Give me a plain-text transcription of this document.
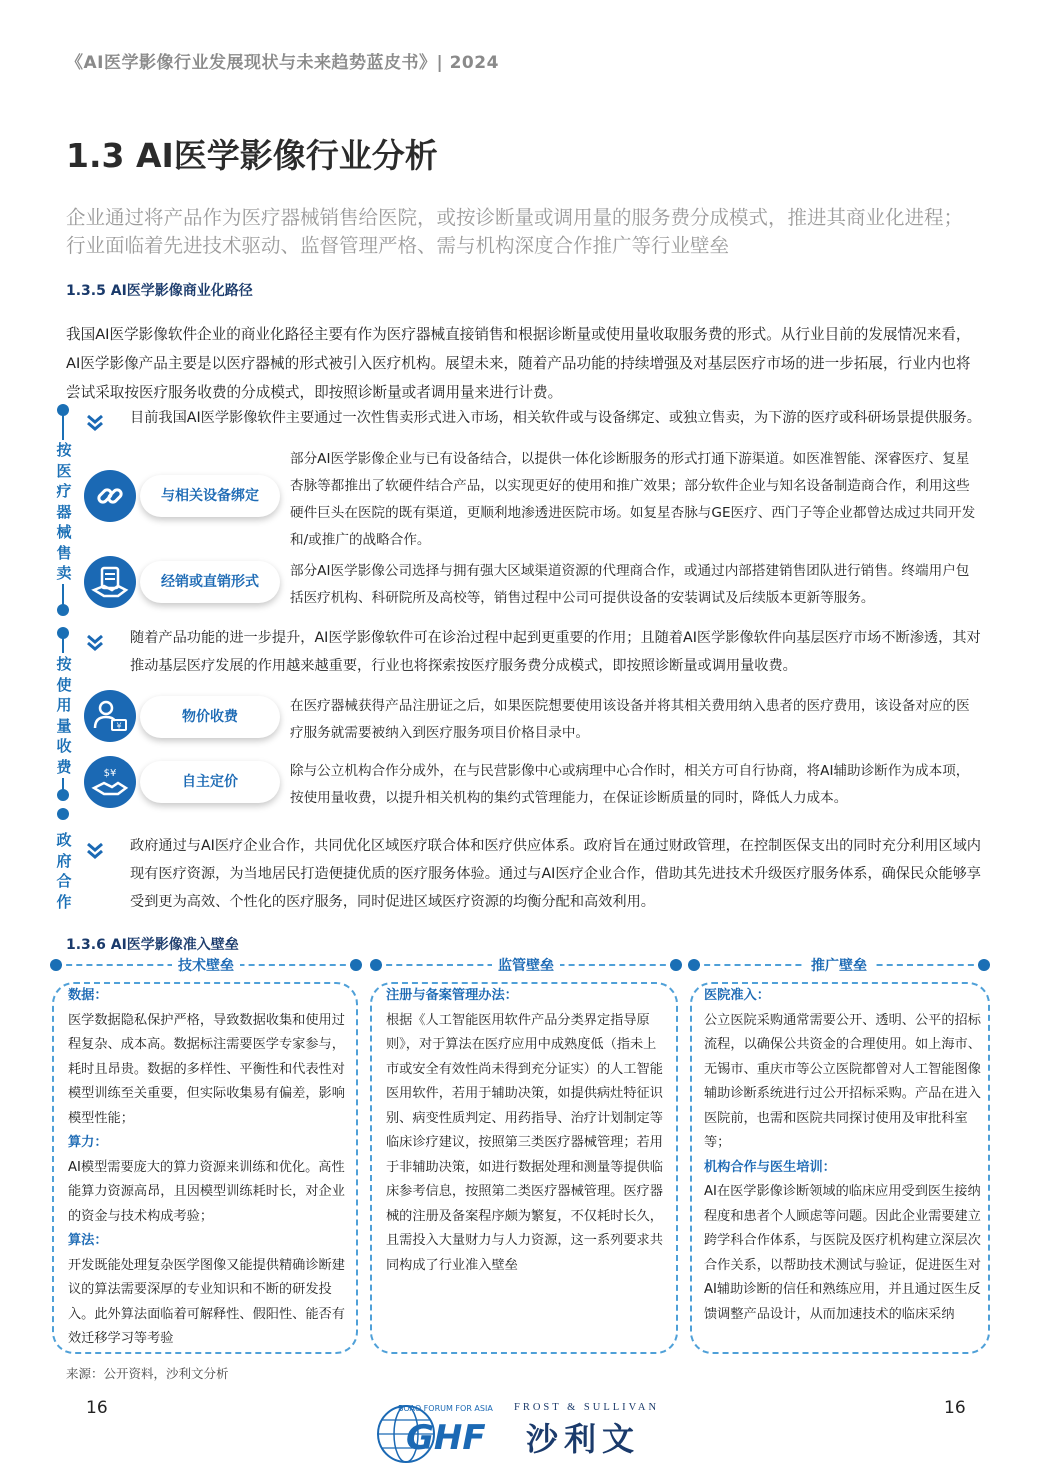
《AI医学影像行业发展现状与未来趋势蓝皮书》| 2024
1.3 AI医学影像行业分析
企业通过将产品作为医疗器械销售给医院，或按诊断量或调用量的服务费分成模式，推进其商业化进程；行业面临着先进技术驱动、监督管理严格、需与机构深度合作推广等行业壁垒
1.3.5 AI医学影像商业化路径
我国AI医学影像软件企业的商业化路径主要有作为医疗器械直接销售和根据诊断量或使用量收取服务费的形式。从行业目前的发展情况来看，AI医学影像产品主要是以医疗器械的形式被引入医疗机构。展望未来，随着产品功能的持续增强及对基层医疗市场的进一步拓展，行业内也将尝试采取按医疗服务收费的分成模式，即按照诊断量或者调用量来进行计费。
按医疗器械售卖
按使用量收费
政府合作
目前我国AI医学影像软件主要通过一次性售卖形式进入市场，相关软件或与设备绑定、或独立售卖，为下游的医疗或科研场景提供服务。
与相关设备绑定
部分AI医学影像企业与已有设备结合，以提供一体化诊断服务的形式打通下游渠道。如医准智能、深睿医疗、复星杏脉等都推出了软硬件结合产品，以实现更好的使用和推广效果；部分软件企业与知名设备制造商合作，利用这些硬件巨头在医院的既有渠道，更顺利地渗透进医院市场。如复星杏脉与GE医疗、西门子等企业都曾达成过共同开发和/或推广的战略合作。
经销或直销形式
部分AI医学影像公司选择与拥有强大区域渠道资源的代理商合作，或通过内部搭建销售团队进行销售。终端用户包括医疗机构、科研院所及高校等，销售过程中公司可提供设备的安装调试及后续版本更新等服务。
随着产品功能的进一步提升，AI医学影像软件可在诊治过程中起到更重要的作用；且随着AI医学影像软件向基层医疗市场不断渗透，其对推动基层医疗发展的作用越来越重要，行业也将探索按医疗服务费分成模式，即按照诊断量或调用量收费。
¥
物价收费
在医疗器械获得产品注册证之后，如果医院想要使用该设备并将其相关费用纳入患者的医疗费用，该设备对应的医疗服务就需要被纳入到医疗服务项目价格目录中。
$¥
自主定价
除与公立机构合作分成外，在与民营影像中心或病理中心合作时，相关方可自行协商，将AI辅助诊断作为成本项，按使用量收费，以提升相关机构的集约式管理能力，在保证诊断质量的同时，降低人力成本。
政府通过与AI医疗企业合作，共同优化区域医疗联合体和医疗供应体系。政府旨在通过财政管理，在控制医保支出的同时充分利用区域内现有医疗资源，为当地居民打造便捷优质的医疗服务体验。通过与AI医疗企业合作，借助其先进技术升级医疗服务体系，确保民众能够享受到更为高效、个性化的医疗服务，同时促进区域医疗资源的均衡分配和高效利用。
1.3.6 AI医学影像准入壁垒
技术壁垒
数据：
医学数据隐私保护严格，导致数据收集和使用过程复杂、成本高。数据标注需要医学专家参与，耗时且昂贵。数据的多样性、平衡性和代表性对模型训练至关重要，但实际收集易有偏差，影响模型性能；
算力：
AI模型需要庞大的算力资源来训练和优化。高性能算力资源高昂，且因模型训练耗时长，对企业的资金与技术构成考验；
算法：
开发既能处理复杂医学图像又能提供精确诊断建议的算法需要深厚的专业知识和不断的研发投入。此外算法面临着可解释性、假阳性、能否有效迁移学习等考验
监管壁垒
注册与备案管理办法：
根据《人工智能医用软件产品分类界定指导原则》，对于算法在医疗应用中成熟度低（指未上市或安全有效性尚未得到充分证实）的人工智能医用软件，若用于辅助决策，如提供病灶特征识别、病变性质判定、用药指导、治疗计划制定等临床诊疗建议，按照第三类医疗器械管理；若用于非辅助决策，如进行数据处理和测量等提供临床参考信息，按照第二类医疗器械管理。医疗器械的注册及备案程序颇为繁复，不仅耗时长久，且需投入大量财力与人力资源，这一系列要求共同构成了行业准入壁垒
推广壁垒
医院准入：
公立医院采购通常需要公开、透明、公平的招标流程，以确保公共资金的合理使用。如上海市、无锡市、重庆市等公立医院都曾对人工智能图像辅助诊断系统进行过公开招标采购。产品在进入医院前，也需和医院共同探讨使用及审批科室等；
机构合作与医生培训：
AI在医学影像诊断领域的临床应用受到医生接纳程度和患者个人顾虑等问题。因此企业需要建立跨学科合作体系，与医院及医疗机构建立深层次合作关系，以帮助技术测试与验证，促进医生对AI辅助诊断的信任和熟练应用，并且通过医生反馈调整产品设计，从而加速技术的临床采纳
来源：公开资料，沙利文分析
16	16
BOAO FORUM FOR ASIA
GHF
FROST & SULLIVAN
沙利文
